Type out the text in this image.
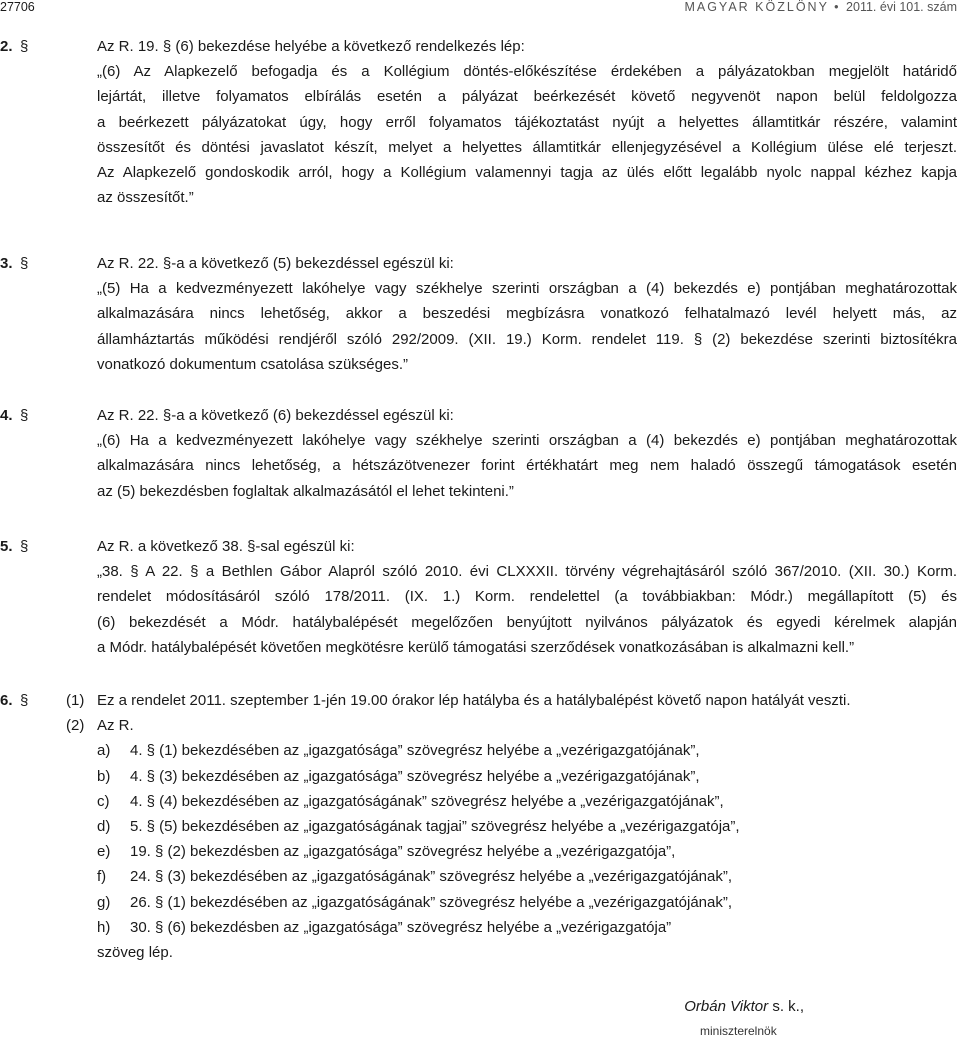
27706	MAGYAR KÖZLÖNY • 2011. évi 101. szám
2. §	Az R. 19. § (6) bekezdése helyébe a következő rendelkezés lép:
„(6) Az Alapkezelő befogadja és a Kollégium döntés-előkészítése érdekében a pályázatokban megjelölt határidő
lejártát, illetve folyamatos elbírálás esetén a pályázat beérkezését követő negyvenöt napon belül feldolgozza
a beérkezett pályázatokat úgy, hogy erről folyamatos tájékoztatást nyújt a helyettes államtitkár részére, valamint
összesítőt és döntési javaslatot készít, melyet a helyettes államtitkár ellenjegyzésével a Kollégium ülése elé terjeszt.
Az Alapkezelő gondoskodik arról, hogy a Kollégium valamennyi tagja az ülés előtt legalább nyolc nappal kézhez kapja
az összesítőt.”
3. §	Az R. 22. §-a a következő (5) bekezdéssel egészül ki:
„(5) Ha a kedvezményezett lakóhelye vagy székhelye szerinti országban a (4) bekezdés e) pontjában meghatározottak
alkalmazására nincs lehetőség, akkor a beszedési megbízásra vonatkozó felhatalmazó levél helyett más, az
államháztartás működési rendjéről szóló 292/2009. (XII. 19.) Korm. rendelet 119. § (2) bekezdése szerinti biztosítékra
vonatkozó dokumentum csatolása szükséges.”
4. §	Az R. 22. §-a a következő (6) bekezdéssel egészül ki:
„(6) Ha a kedvezményezett lakóhelye vagy székhelye szerinti országban a (4) bekezdés e) pontjában meghatározottak
alkalmazására nincs lehetőség, a hétszázötvenezer forint értékhatárt meg nem haladó összegű támogatások esetén
az (5) bekezdésben foglaltak alkalmazásától el lehet tekinteni.”
5. §	Az R. a következő 38. §-sal egészül ki:
„38. § A 22. § a Bethlen Gábor Alapról szóló 2010. évi CLXXXII. törvény végrehajtásáról szóló 367/2010. (XII. 30.) Korm.
rendelet módosításáról szóló 178/2011. (IX. 1.) Korm. rendelettel (a továbbiakban: Módr.) megállapított (5) és
(6) bekezdését a Módr. hatálybalépését megelőzően benyújtott nyilvános pályázatok és egyedi kérelmek alapján
a Módr. hatálybalépését követően megkötésre kerülő támogatási szerződések vonatkozásában is alkalmazni kell.”
6. §	(1) Ez a rendelet 2011. szeptember 1-jén 19.00 órakor lép hatályba és a hatálybalépést követő napon hatályát veszti.
(2) Az R.
a) 4. § (1) bekezdésében az „igazgatósága” szövegrész helyébe a „vezérigazgatójának”,
b) 4. § (3) bekezdésében az „igazgatósága” szövegrész helyébe a „vezérigazgatójának”,
c) 4. § (4) bekezdésében az „igazgatóságának” szövegrész helyébe a „vezérigazgatójának”,
d) 5. § (5) bekezdésében az „igazgatóságának tagjai” szövegrész helyébe a „vezérigazgatója”,
e) 19. § (2) bekezdésben az „igazgatósága” szövegrész helyébe a „vezérigazgatója”,
f) 24. § (3) bekezdésében az „igazgatóságának” szövegrész helyébe a „vezérigazgatójának”,
g) 26. § (1) bekezdésében az „igazgatóságának” szövegrész helyébe a „vezérigazgatójának”,
h) 30. § (6) bekezdésben az „igazgatósága” szövegrész helyébe a „vezérigazgatója”
szöveg lép.
Orbán Viktor s. k.,
miniszterelnök
